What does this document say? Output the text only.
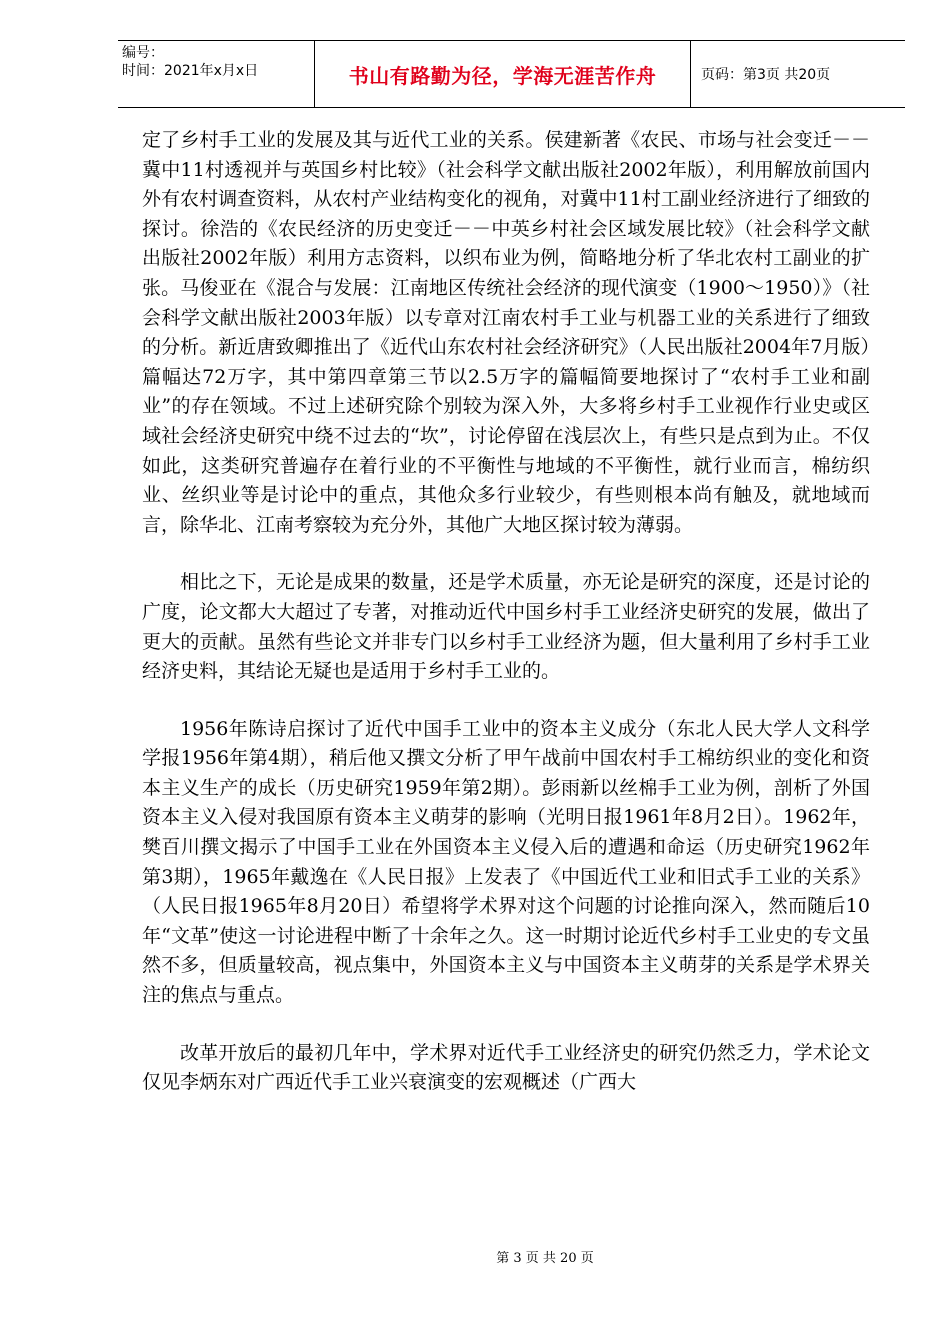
编号：
时间：2021年x月x日	书山有路勤为径，学海无涯苦作舟	页码：第3页 共20页

定了乡村手工业的发展及其与近代工业的关系。侯建新著《农民、市场与社会变迁－－冀中11村透视并与英国乡村比较》（社会科学文献出版社2002年版），利用解放前国内外有农村调查资料，从农村产业结构变化的视角，对冀中11村工副业经济进行了细致的探讨。徐浩的《农民经济的历史变迁－－中英乡村社会区域发展比较》（社会科学文献出版社2002年版）利用方志资料，以织布业为例，简略地分析了华北农村工副业的扩张。马俊亚在《混合与发展：江南地区传统社会经济的现代演变（1900～1950）》（社会科学文献出版社2003年版）以专章对江南农村手工业与机器工业的关系进行了细致的分析。新近唐致卿推出了《近代山东农村社会经济研究》（人民出版社2004年7月版）篇幅达72万字，其中第四章第三节以2.5万字的篇幅简要地探讨了“农村手工业和副业”的存在领域。不过上述研究除个别较为深入外，大多将乡村手工业视作行业史或区域社会经济史研究中绕不过去的“坎”，讨论停留在浅层次上，有些只是点到为止。不仅如此，这类研究普遍存在着行业的不平衡性与地域的不平衡性，就行业而言，棉纺织业、丝织业等是讨论中的重点，其他众多行业较少，有些则根本尚有触及，就地域而言，除华北、江南考察较为充分外，其他广大地区探讨较为薄弱。

相比之下，无论是成果的数量，还是学术质量，亦无论是研究的深度，还是讨论的广度，论文都大大超过了专著，对推动近代中国乡村手工业经济史研究的发展，做出了更大的贡献。虽然有些论文并非专门以乡村手工业经济为题，但大量利用了乡村手工业经济史料，其结论无疑也是适用于乡村手工业的。

1956年陈诗启探讨了近代中国手工业中的资本主义成分（东北人民大学人文科学学报1956年第4期），稍后他又撰文分析了甲午战前中国农村手工棉纺织业的变化和资本主义生产的成长（历史研究1959年第2期）。彭雨新以丝棉手工业为例，剖析了外国资本主义入侵对我国原有资本主义萌芽的影响（光明日报1961年8月2日）。1962年，樊百川撰文揭示了中国手工业在外国资本主义侵入后的遭遇和命运（历史研究1962年第3期），1965年戴逸在《人民日报》上发表了《中国近代工业和旧式手工业的关系》（人民日报1965年8月20日）希望将学术界对这个问题的讨论推向深入，然而随后10年“文革”使这一讨论进程中断了十余年之久。这一时期讨论近代乡村手工业史的专文虽然不多，但质量较高，视点集中，外国资本主义与中国资本主义萌芽的关系是学术界关注的焦点与重点。

改革开放后的最初几年中，学术界对近代手工业经济史的研究仍然乏力，学术论文仅见李炳东对广西近代手工业兴衰演变的宏观概述（广西大

第 3 页 共 20 页
